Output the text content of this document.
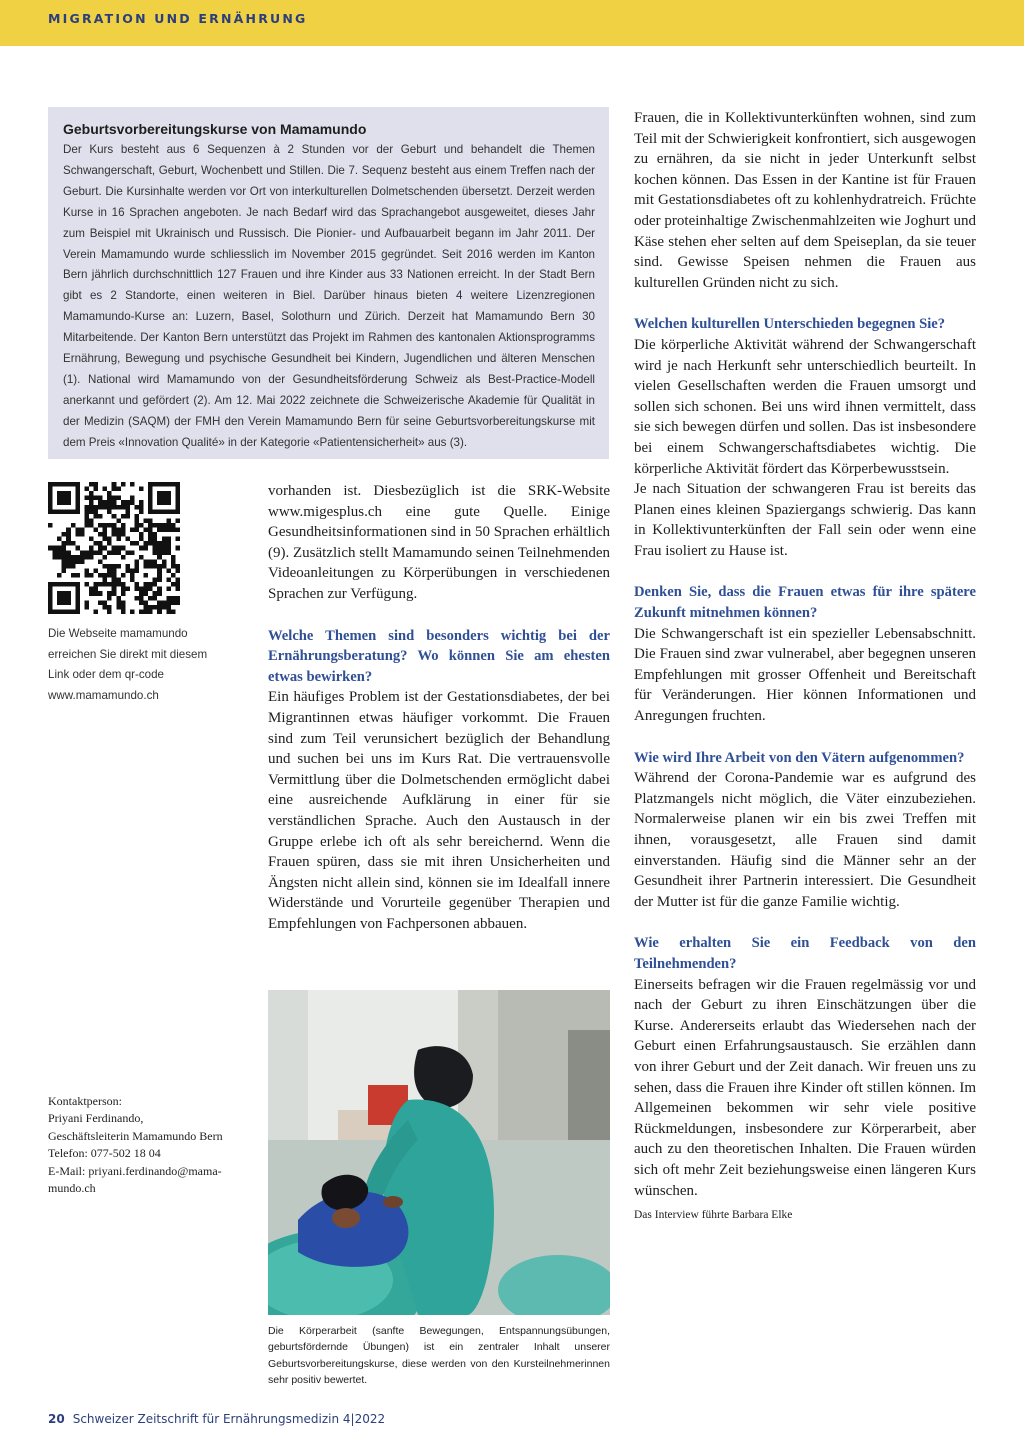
MIGRATION UND ERNÄHRUNG
Geburtsvorbereitungskurse von Mamamundo

Der Kurs besteht aus 6 Sequenzen à 2 Stunden vor der Geburt und behandelt die Themen Schwangerschaft, Geburt, Wochenbett und Stillen. Die 7. Sequenz besteht aus einem Treffen nach der Geburt. Die Kursinhalte werden vor Ort von interkulturellen Dolmetschenden übersetzt. Derzeit werden Kurse in 16 Sprachen angeboten. Je nach Bedarf wird das Sprachangebot ausgeweitet, dieses Jahr zum Beispiel mit Ukrainisch und Russisch. Die Pionier- und Aufbauarbeit begann im Jahr 2011. Der Verein Mamamundo wurde schliesslich im November 2015 gegründet. Seit 2016 werden im Kanton Bern jährlich durchschnittlich 127 Frauen und ihre Kinder aus 33 Nationen erreicht. In der Stadt Bern gibt es 2 Standorte, einen weiteren in Biel. Darüber hinaus bieten 4 weitere Lizenzregionen Mamamundo-Kurse an: Luzern, Basel, Solothurn und Zürich. Derzeit hat Mamamundo Bern 30 Mitarbeitende. Der Kanton Bern unterstützt das Projekt im Rahmen des kantonalen Aktionsprogramms Ernährung, Bewegung und psychische Gesundheit bei Kindern, Jugendlichen und älteren Menschen (1). National wird Mamamundo von der Gesundheitsförderung Schweiz als Best-Practice-Modell anerkannt und gefördert (2). Am 12. Mai 2022 zeichnete die Schweizerische Akademie für Qualität in der Medizin (SAQM) der FMH den Verein Mamamundo Bern für seine Geburtsvorbereitungskurse mit dem Preis «Innovation Qualité» in der Kategorie «Patientensicherheit» aus (3).

Die Webseite mamamundo
erreichen Sie direkt mit diesem
Link oder dem qr-code
www.mamamundo.ch
Kontaktperson:
Priyani Ferdinando,
Geschäftsleiterin Mamamundo Bern
Telefon: 077-502 18 04
E-Mail: priyani.ferdinando@mama-
mundo.ch

vorhanden ist. Diesbezüglich ist die SRK-Website www.migesplus.ch eine gute Quelle. Einige Gesundheitsinformationen sind in 50 Sprachen erhältlich (9). Zusätzlich stellt Mamamundo seinen Teilnehmenden Videoanleitungen zu Körperübungen in verschiedenen Sprachen zur Verfügung.

Welche Themen sind besonders wichtig bei der Ernährungsberatung? Wo können Sie am ehesten etwas bewirken?

Ein häufiges Problem ist der Gestationsdiabetes, der bei Migrantinnen etwas häufiger vorkommt. Die Frauen sind zum Teil verunsichert bezüglich der Behandlung und suchen bei uns im Kurs Rat. Die vertrauensvolle Vermittlung über die Dolmetschenden ermöglicht dabei eine ausreichende Aufklärung in einer für sie verständlichen Sprache. Auch den Austausch in der Gruppe erlebe ich oft als sehr bereichernd. Wenn die Frauen spüren, dass sie mit ihren Unsicherheiten und Ängsten nicht allein sind, können sie im Idealfall innere Widerstände und Vorurteile gegenüber Therapien und Empfehlungen von Fachpersonen abbauen.

Die Körperarbeit (sanfte Bewegungen, Entspannungsübungen, geburtsfördernde Übungen) ist ein zentraler Inhalt unserer Geburtsvorbereitungskurse, diese werden von den Kursteilnehmerinnen sehr positiv bewertet.

Frauen, die in Kollektivunterkünften wohnen, sind zum Teil mit der Schwierigkeit konfrontiert, sich ausgewogen zu ernähren, da sie nicht in jeder Unterkunft selbst kochen können. Das Essen in der Kantine ist für Frauen mit Gestationsdiabetes oft zu kohlenhydratreich. Früchte oder proteinhaltige Zwischenmahlzeiten wie Joghurt und Käse stehen eher selten auf dem Speiseplan, da sie teuer sind. Gewisse Speisen nehmen die Frauen aus kulturellen Gründen nicht zu sich.

Welchen kulturellen Unterschieden begegnen Sie?

Die körperliche Aktivität während der Schwangerschaft wird je nach Herkunft sehr unterschiedlich beurteilt. In vielen Gesellschaften werden die Frauen umsorgt und sollen sich schonen. Bei uns wird ihnen vermittelt, dass sie sich bewegen dürfen und sollen. Das ist insbesondere bei einem Schwangerschaftsdiabetes wichtig. Die körperliche Aktivität fördert das Körperbewusstsein.

Je nach Situation der schwangeren Frau ist bereits das Planen eines kleinen Spaziergangs schwierig. Das kann in Kollektivunterkünften der Fall sein oder wenn eine Frau isoliert zu Hause ist.

Denken Sie, dass die Frauen etwas für ihre spätere Zukunft mitnehmen können?

Die Schwangerschaft ist ein spezieller Lebensabschnitt. Die Frauen sind zwar vulnerabel, aber begegnen unseren Empfehlungen mit grosser Offenheit und Bereitschaft für Veränderungen. Hier können Informationen und Anregungen fruchten.

Wie wird Ihre Arbeit von den Vätern aufgenommen?

Während der Corona-Pandemie war es aufgrund des Platzmangels nicht möglich, die Väter einzubeziehen. Normalerweise planen wir ein bis zwei Treffen mit ihnen, vorausgesetzt, alle Frauen sind damit einverstanden. Häufig sind die Männer sehr an der Gesundheit ihrer Partnerin interessiert. Die Gesundheit der Mutter ist für die ganze Familie wichtig.

Wie erhalten Sie ein Feedback von den Teilnehmenden?

Einerseits befragen wir die Frauen regelmässig vor und nach der Geburt zu ihren Einschätzungen über die Kurse. Andererseits erlaubt das Wiedersehen nach der Geburt einen Erfahrungsaustausch. Sie erzählen dann von ihrer Geburt und der Zeit danach. Wir freuen uns zu sehen, dass die Frauen ihre Kinder oft stillen können. Im Allgemeinen bekommen wir sehr viele positive Rückmeldungen, insbesondere zur Körperarbeit, aber auch zu den theoretischen Inhalten. Die Frauen würden sich oft mehr Zeit beziehungsweise einen längeren Kurs wünschen.

Das Interview führte Barbara Elke

20 Schweizer Zeitschrift für Ernährungsmedizin 4|2022
